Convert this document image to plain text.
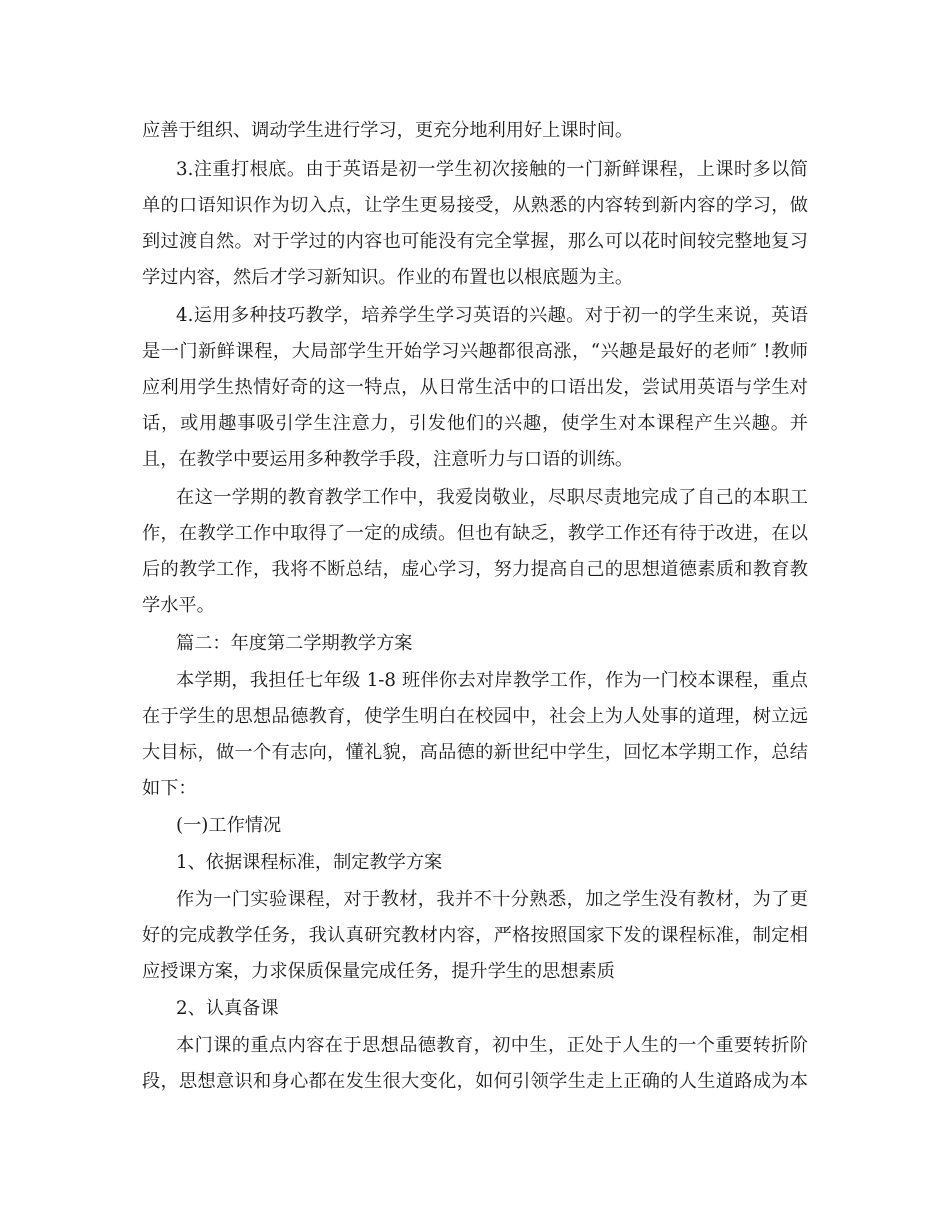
应善于组织、调动学生进行学习，更充分地利用好上课时间。

3.注重打根底。由于英语是初一学生初次接触的一门新鲜课程，上课时多以简

单的口语知识作为切入点，让学生更易接受，从熟悉的内容转到新内容的学习，做

到过渡自然。对于学过的内容也可能没有完全掌握，那么可以花时间较完整地复习

学过内容，然后才学习新知识。作业的布置也以根底题为主。

4.运用多种技巧教学，培养学生学习英语的兴趣。对于初一的学生来说，英语

是一门新鲜课程，大局部学生开始学习兴趣都很高涨，“兴趣是最好的老师″ !教师

应利用学生热情好奇的这一特点，从日常生活中的口语出发，尝试用英语与学生对

话，或用趣事吸引学生注意力，引发他们的兴趣，使学生对本课程产生兴趣。并

且，在教学中要运用多种教学手段，注意听力与口语的训练。

在这一学期的教育教学工作中，我爱岗敬业，尽职尽责地完成了自己的本职工

作，在教学工作中取得了一定的成绩。但也有缺乏，教学工作还有待于改进，在以

后的教学工作，我将不断总结，虚心学习，努力提高自己的思想道德素质和教育教

学水平。

篇二：年度第二学期教学方案

本学期，我担任七年级 1-8 班伴你去对岸教学工作，作为一门校本课程，重点

在于学生的思想品德教育，使学生明白在校园中，社会上为人处事的道理，树立远

大目标，做一个有志向，懂礼貌，高品德的新世纪中学生，回忆本学期工作，总结

如下：

(一)工作情况

1、依据课程标准，制定教学方案

作为一门实验课程，对于教材，我并不十分熟悉，加之学生没有教材，为了更

好的完成教学任务，我认真研究教材内容，严格按照国家下发的课程标准，制定相

应授课方案，力求保质保量完成任务，提升学生的思想素质

2、认真备课

本门课的重点内容在于思想品德教育，初中生，正处于人生的一个重要转折阶

段，思想意识和身心都在发生很大变化，如何引领学生走上正确的人生道路成为本
